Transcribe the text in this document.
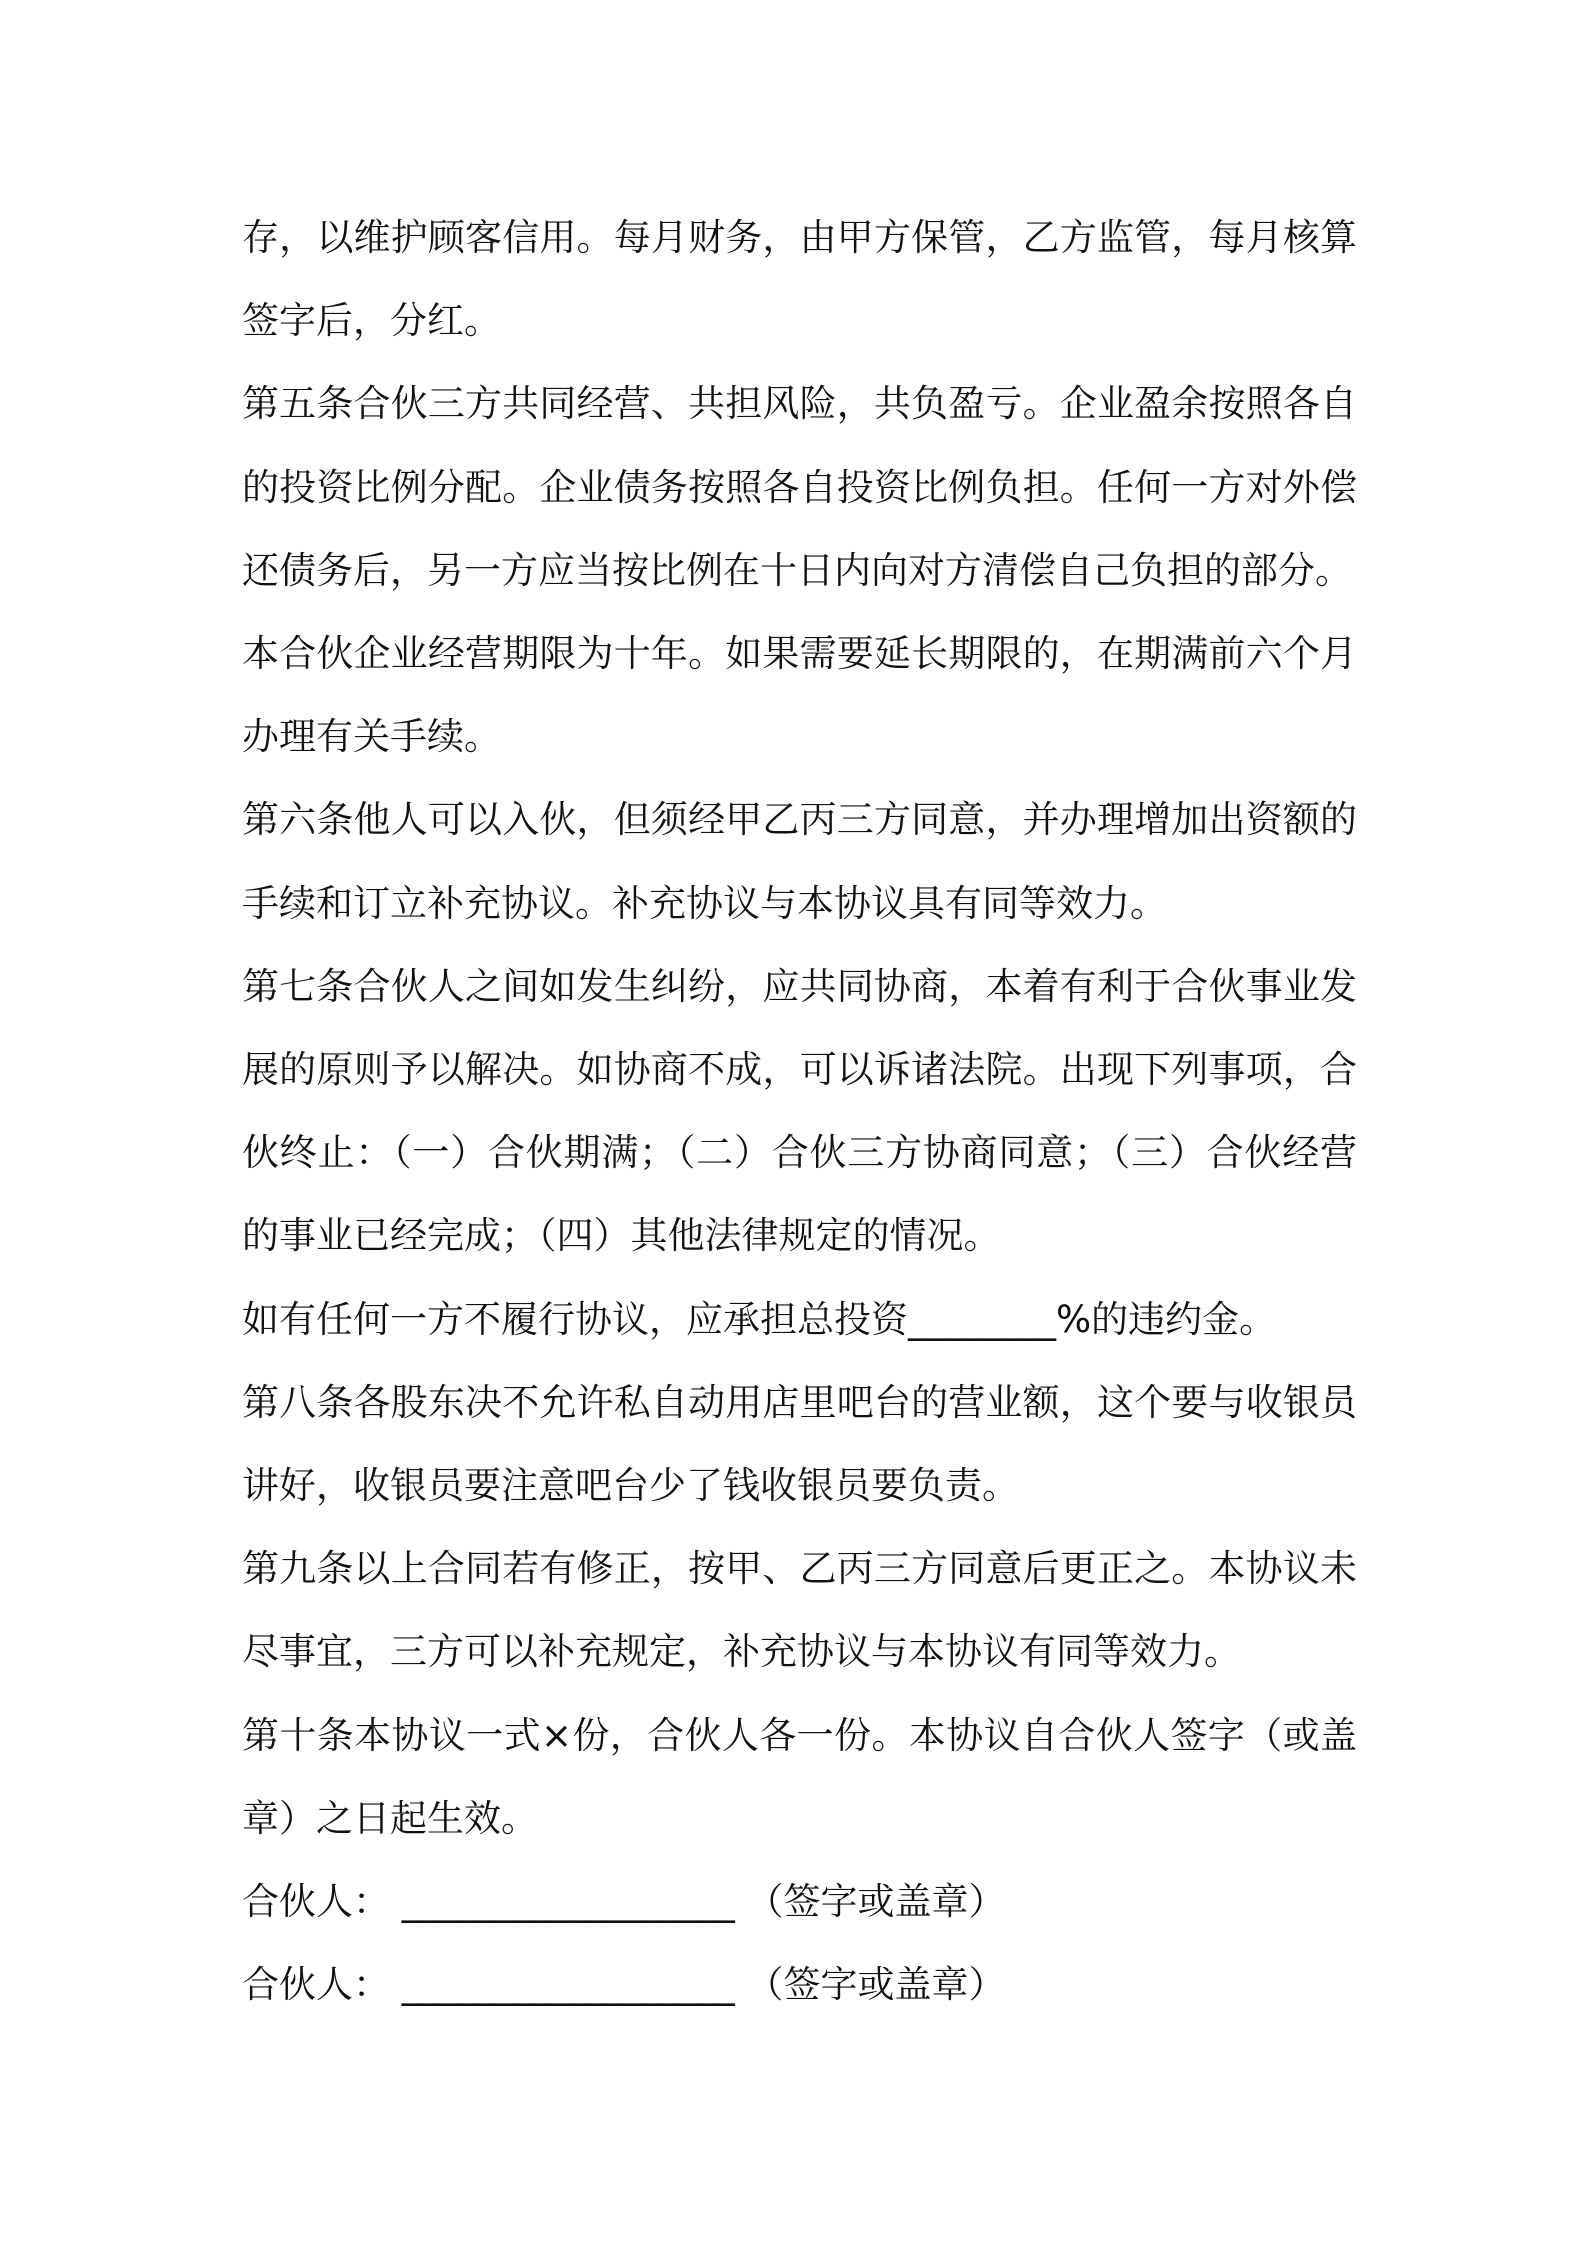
存，以维护顾客信用。每月财务，由甲方保管，乙方监管，每月核算签字后，分红。

第五条合伙三方共同经营、共担风险，共负盈亏。企业盈余按照各自的投资比例分配。企业债务按照各自投资比例负担。任何一方对外偿还债务后，另一方应当按比例在十日内向对方清偿自己负担的部分。

本合伙企业经营期限为十年。如果需要延长期限的，在期满前六个月办理有关手续。

第六条他人可以入伙，但须经甲乙丙三方同意，并办理增加出资额的手续和订立补充协议。补充协议与本协议具有同等效力。

第七条合伙人之间如发生纠纷，应共同协商，本着有利于合伙事业发展的原则予以解决。如协商不成，可以诉诸法院。出现下列事项，合伙终止：（一）合伙期满；（二）合伙三方协商同意；（三）合伙经营的事业已经完成；（四）其他法律规定的情况。

如有任何一方不履行协议，应承担总投资________%的违约金。

第八条各股东决不允许私自动用店里吧台的营业额，这个要与收银员讲好，收银员要注意吧台少了钱收银员要负责。

第九条以上合同若有修正，按甲、乙丙三方同意后更正之。本协议未尽事宜，三方可以补充规定，补充协议与本协议有同等效力。

第十条本协议一式×份，合伙人各一份。本协议自合伙人签字（或盖章）之日起生效。

合伙人： __________________ （签字或盖章）

合伙人： __________________ （签字或盖章）
